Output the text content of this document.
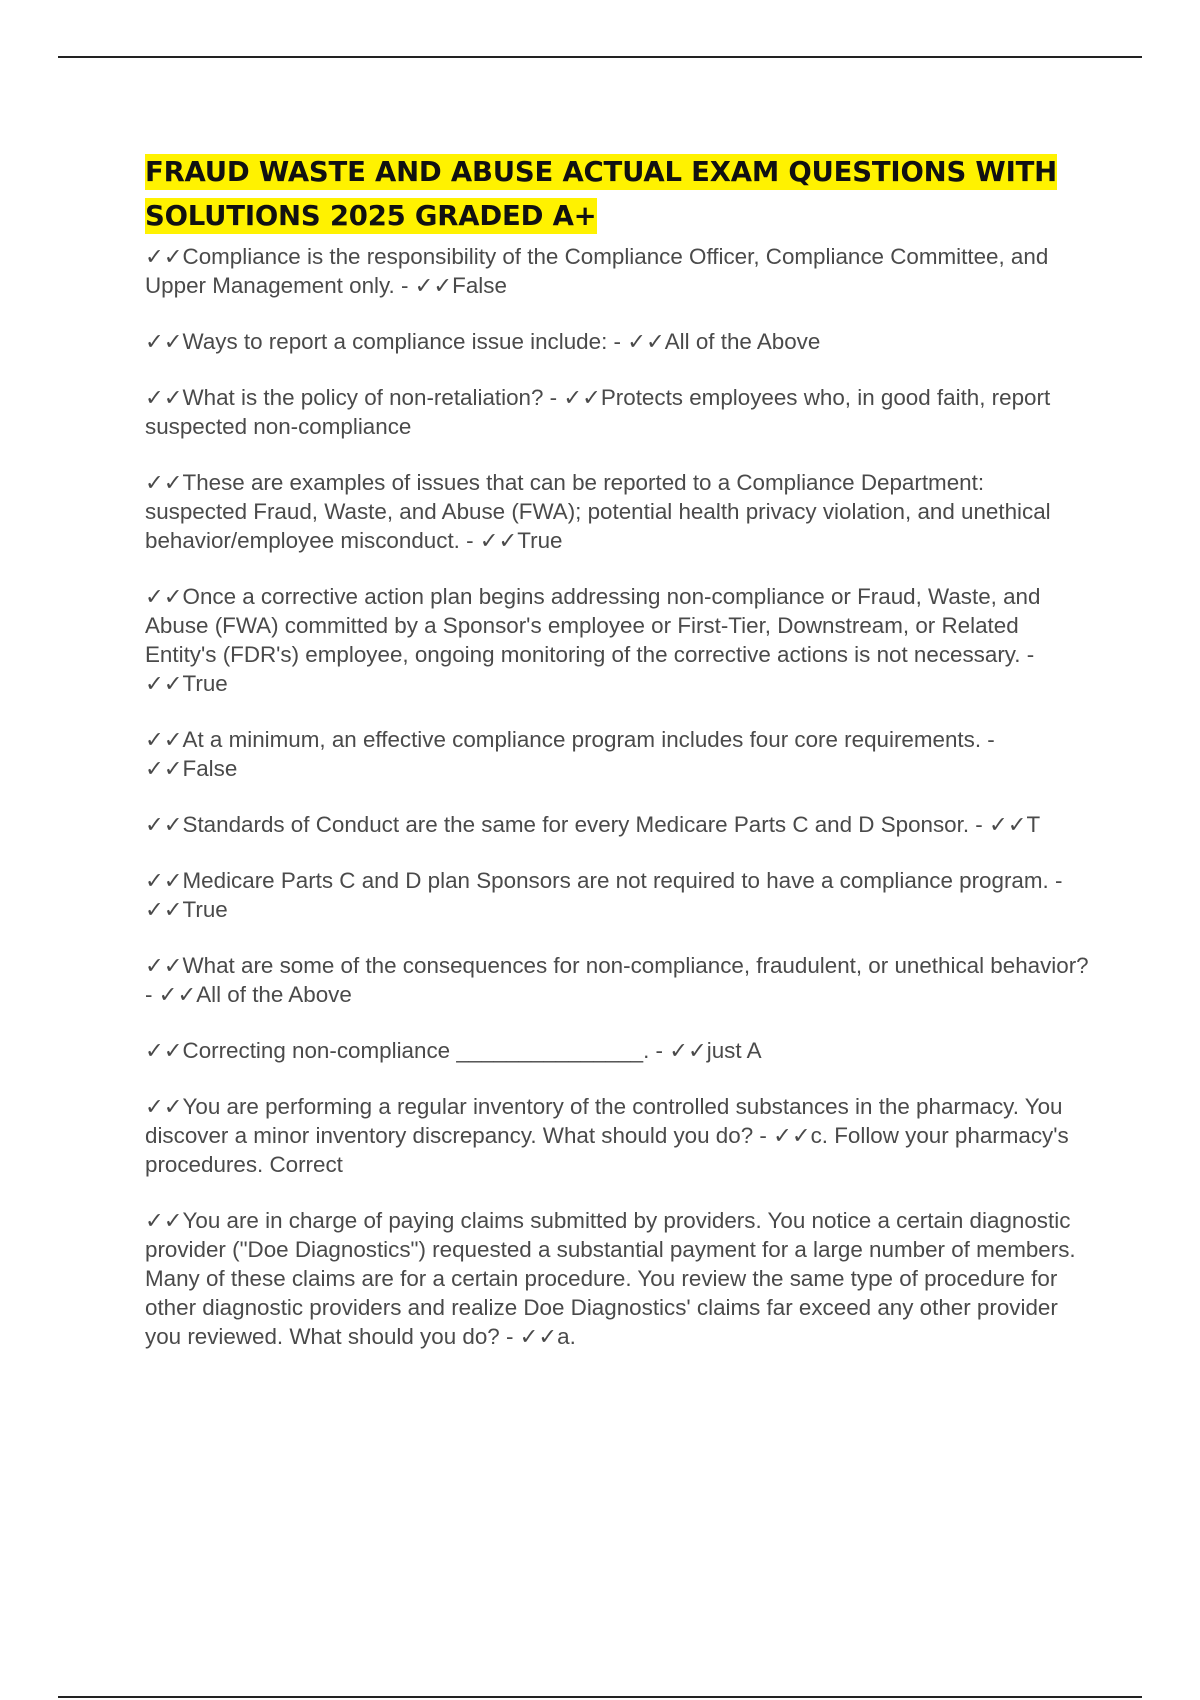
FRAUD WASTE AND ABUSE ACTUAL EXAM QUESTIONS WITH SOLUTIONS 2025 GRADED A+

✓✓Compliance is the responsibility of the Compliance Officer, Compliance Committee, and Upper Management only. - ✓✓False

✓✓Ways to report a compliance issue include: - ✓✓All of the Above

✓✓What is the policy of non-retaliation? - ✓✓Protects employees who, in good faith, report suspected non-compliance

✓✓These are examples of issues that can be reported to a Compliance Department: suspected Fraud, Waste, and Abuse (FWA); potential health privacy violation, and unethical behavior/employee misconduct. - ✓✓True

✓✓Once a corrective action plan begins addressing non-compliance or Fraud, Waste, and Abuse (FWA) committed by a Sponsor's employee or First-Tier, Downstream, or Related Entity's (FDR's) employee, ongoing monitoring of the corrective actions is not necessary. - ✓✓True

✓✓At a minimum, an effective compliance program includes four core requirements. - ✓✓False

✓✓Standards of Conduct are the same for every Medicare Parts C and D Sponsor. - ✓✓T

✓✓Medicare Parts C and D plan Sponsors are not required to have a compliance program. - ✓✓True

✓✓What are some of the consequences for non-compliance, fraudulent, or unethical behavior? - ✓✓All of the Above

✓✓Correcting non-compliance _______________. - ✓✓just A

✓✓You are performing a regular inventory of the controlled substances in the pharmacy. You discover a minor inventory discrepancy. What should you do? - ✓✓c. Follow your pharmacy's procedures. Correct

✓✓You are in charge of paying claims submitted by providers. You notice a certain diagnostic provider ("Doe Diagnostics") requested a substantial payment for a large number of members. Many of these claims are for a certain procedure. You review the same type of procedure for other diagnostic providers and realize Doe Diagnostics' claims far exceed any other provider you reviewed. What should you do? - ✓✓a.
